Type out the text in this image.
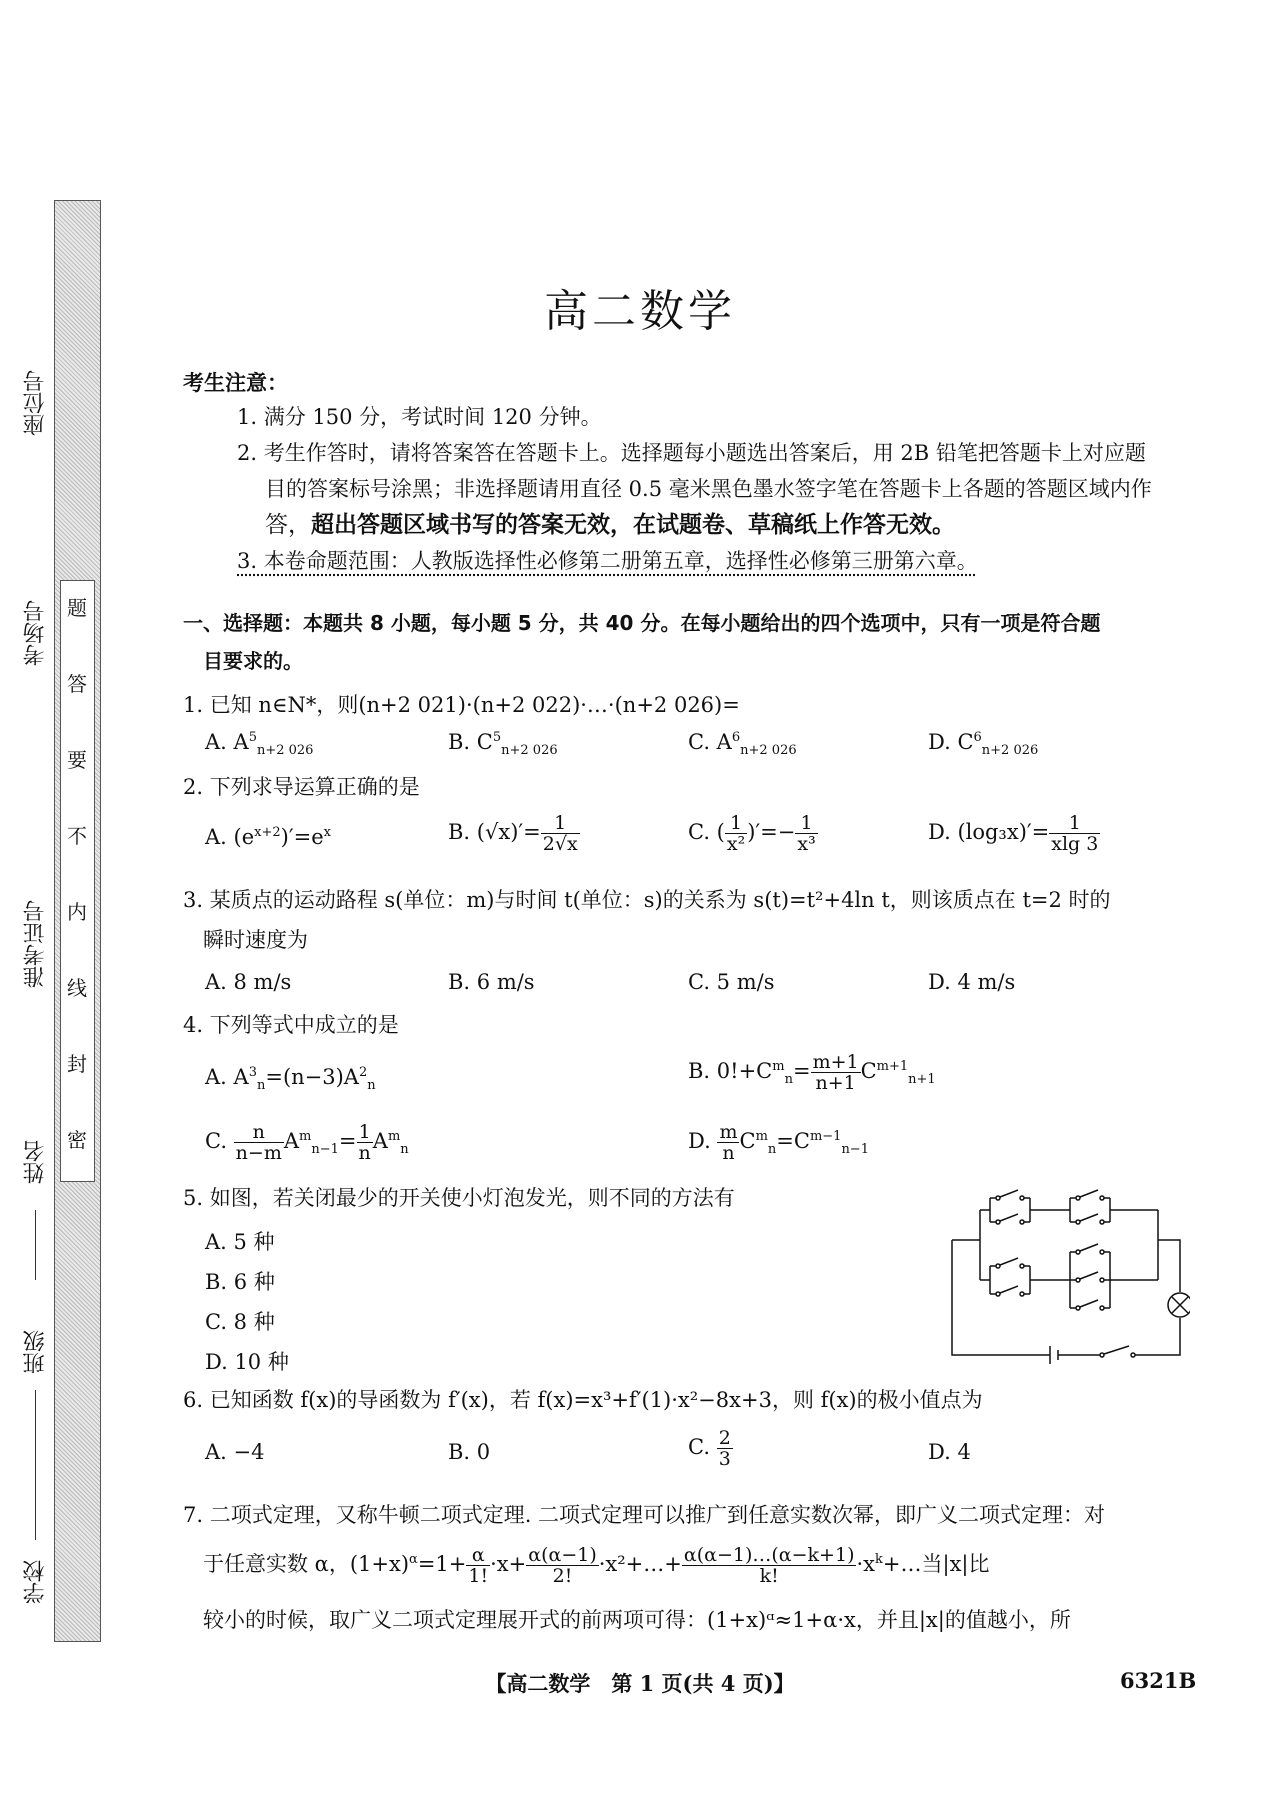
题
答
要
不
内
线
封
密
座位号
考场号
准考证号
姓名
班级
学校
高二数学
考生注意：
1. 满分 150 分，考试时间 120 分钟。
2. 考生作答时，请将答案答在答题卡上。选择题每小题选出答案后，用 2B 铅笔把答题卡上对应题
目的答案标号涂黑；非选择题请用直径 0.5 毫米黑色墨水签字笔在答题卡上各题的答题区域内作
答，超出答题区域书写的答案无效，在试题卷、草稿纸上作答无效。
3. 本卷命题范围：人教版选择性必修第二册第五章，选择性必修第三册第六章。
一、选择题：本题共 8 小题，每小题 5 分，共 40 分。在每小题给出的四个选项中，只有一项是符合题
目要求的。
1. 已知 n∈N*，则(n+2 021)·(n+2 022)·…·(n+2 026)=
A. $A^5_{n+2 026}$	B. $C^5_{n+2 026}$	C. $A^6_{n+2 026}$	D. $C^6_{n+2 026}$
2. 下列求导运算正确的是
A. $(e^{x+2})'=e^x$	B. $(√x)'= \frac{1}{2√x}$	C. ( $\frac{1}{\text{x²}}$ )′=− $\frac{1}{\text{x³}}$	D. $(\log_3x)'= \frac{1}{xlg 3}$
3. 某质点的运动路程 s(单位：m)与时间 t(单位：s)的关系为 s(t)=t²+4ln t，则该质点在 t=2 时的
瞬时速度为
A. 8 m/s	B. 6 m/s	C. 5 m/s	D. 4 m/s
4. 下列等式中成立的是
A. $A^3_n=(n-3)A^2_n$
B. $0!+C^m_n= \frac{m+1}{n+1} C^{m+1}_{n+1}$
C. $\frac{n}{n-m} A^m_{n-1}= \frac{1}{n} A^m_n$	D. $\frac{m}{n} C^m_n=C^{m-1}_{n-1}$
5. 如图，若关闭最少的开关使小灯泡发光，则不同的方法有
A. 5 种
B. 6 种
C. 8 种
D. 10 种
6. 已知函数 f(x)的导函数为 f′(x)，若 f(x)=x³+f′(1)·x²−8x+3，则 f(x)的极小值点为
A. −4	B. 0	C. $\frac{2}{3}$	D. 4
7. 二项式定理，又称牛顿二项式定理. 二项式定理可以推广到任意实数次幂，即广义二项式定理：对
于任意实数 α，$(1+x)^\alpha=1+ \frac{\alpha}{1!} \cdot x+ \frac{\alpha(\alpha-1)}{2!}$ ·x²+…+ $\frac{\alpha(\alpha-1)\dots(\alpha-k+1)}{k!}$ $\cdot x^k+\dots$当|x|比
较小的时候，取广义二项式定理展开式的前两项可得：(1+x)ᵅ≈1+α·x，并且|x|的值越小，所
【高二数学　第 1 页(共 4 页)】	6321B
